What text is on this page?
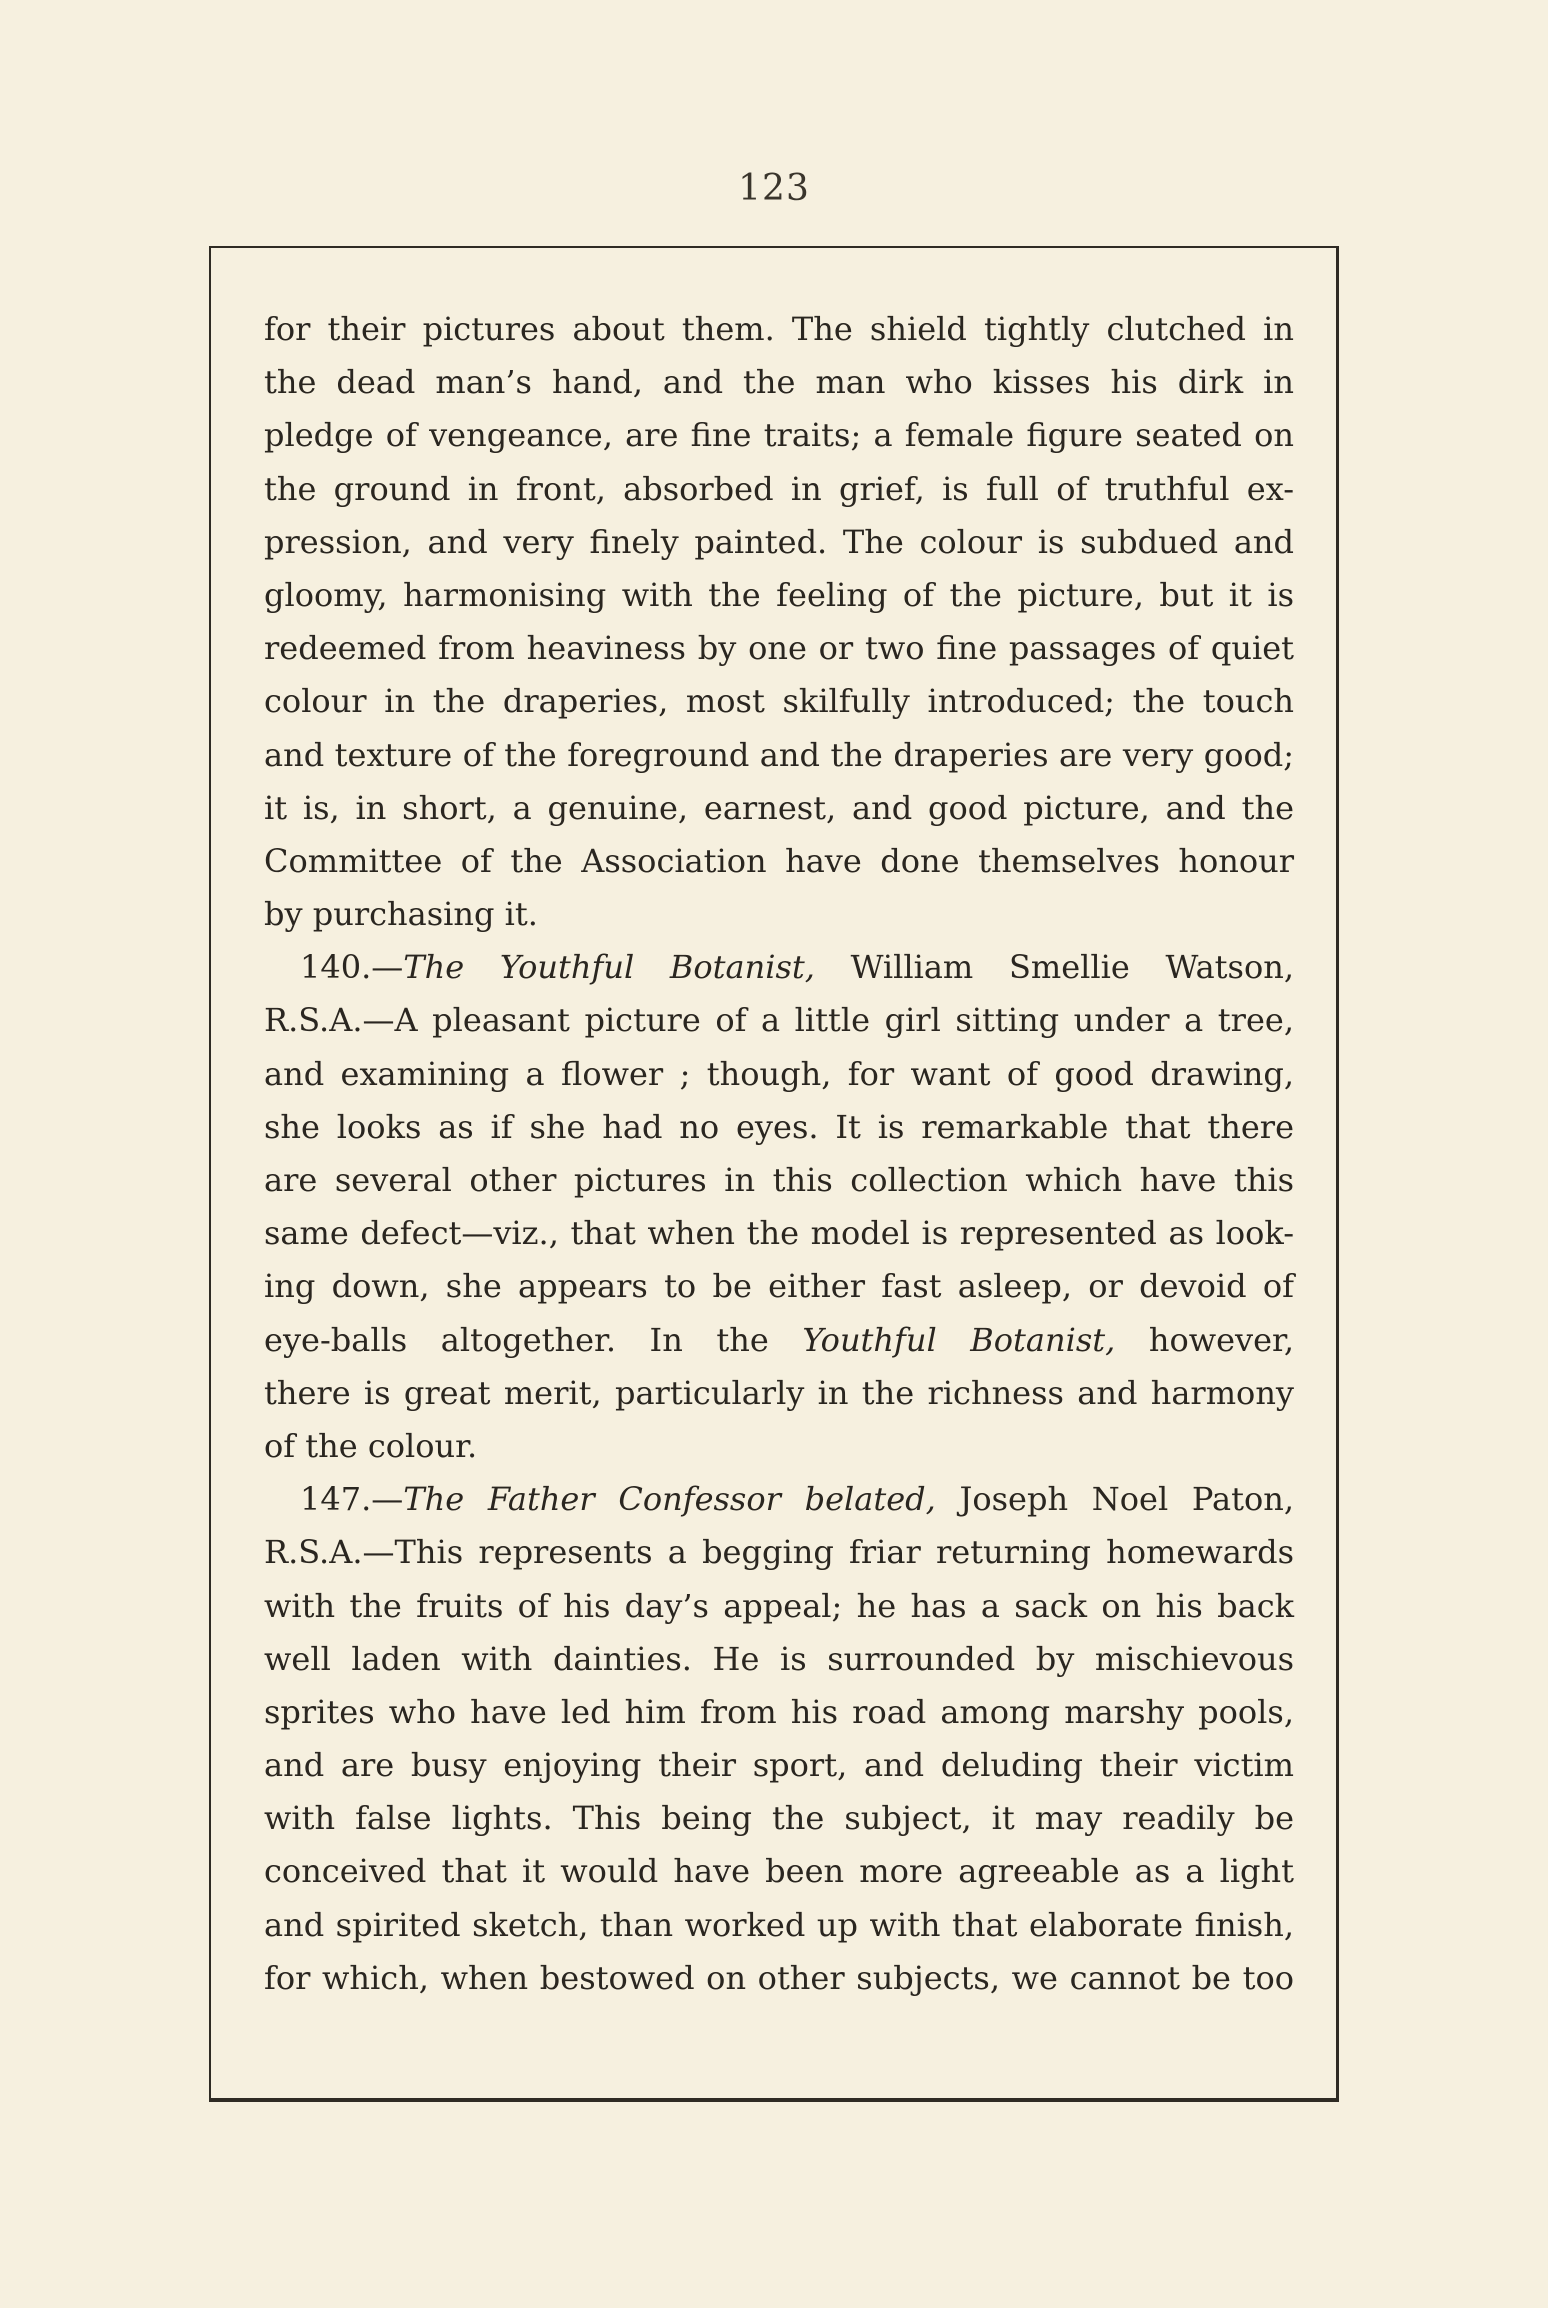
123
for their pictures about them. The shield tightly clutched in
the dead man’s hand, and the man who kisses his dirk in
pledge of vengeance, are fine traits; a female figure seated on
the ground in front, absorbed in grief, is full of truthful ex-
pression, and very finely painted. The colour is subdued and
gloomy, harmonising with the feeling of the picture, but it is
redeemed from heaviness by one or two fine passages of quiet
colour in the draperies, most skilfully introduced; the touch
and texture of the foreground and the draperies are very good;
it is, in short, a genuine, earnest, and good picture, and the
Committee of the Association have done themselves honour
by purchasing it.
140.—The Youthful Botanist, William Smellie Watson,
R.S.A.—A pleasant picture of a little girl sitting under a tree,
and examining a flower ; though, for want of good drawing,
she looks as if she had no eyes. It is remarkable that there
are several other pictures in this collection which have this
same defect—viz., that when the model is represented as look-
ing down, she appears to be either fast asleep, or devoid of
eye-balls altogether. In the Youthful Botanist, however,
there is great merit, particularly in the richness and harmony
of the colour.
147.—The Father Confessor belated, Joseph Noel Paton,
R.S.A.—This represents a begging friar returning homewards
with the fruits of his day’s appeal; he has a sack on his back
well laden with dainties. He is surrounded by mischievous
sprites who have led him from his road among marshy pools,
and are busy enjoying their sport, and deluding their victim
with false lights. This being the subject, it may readily be
conceived that it would have been more agreeable as a light
and spirited sketch, than worked up with that elaborate finish,
for which, when bestowed on other subjects, we cannot be too
